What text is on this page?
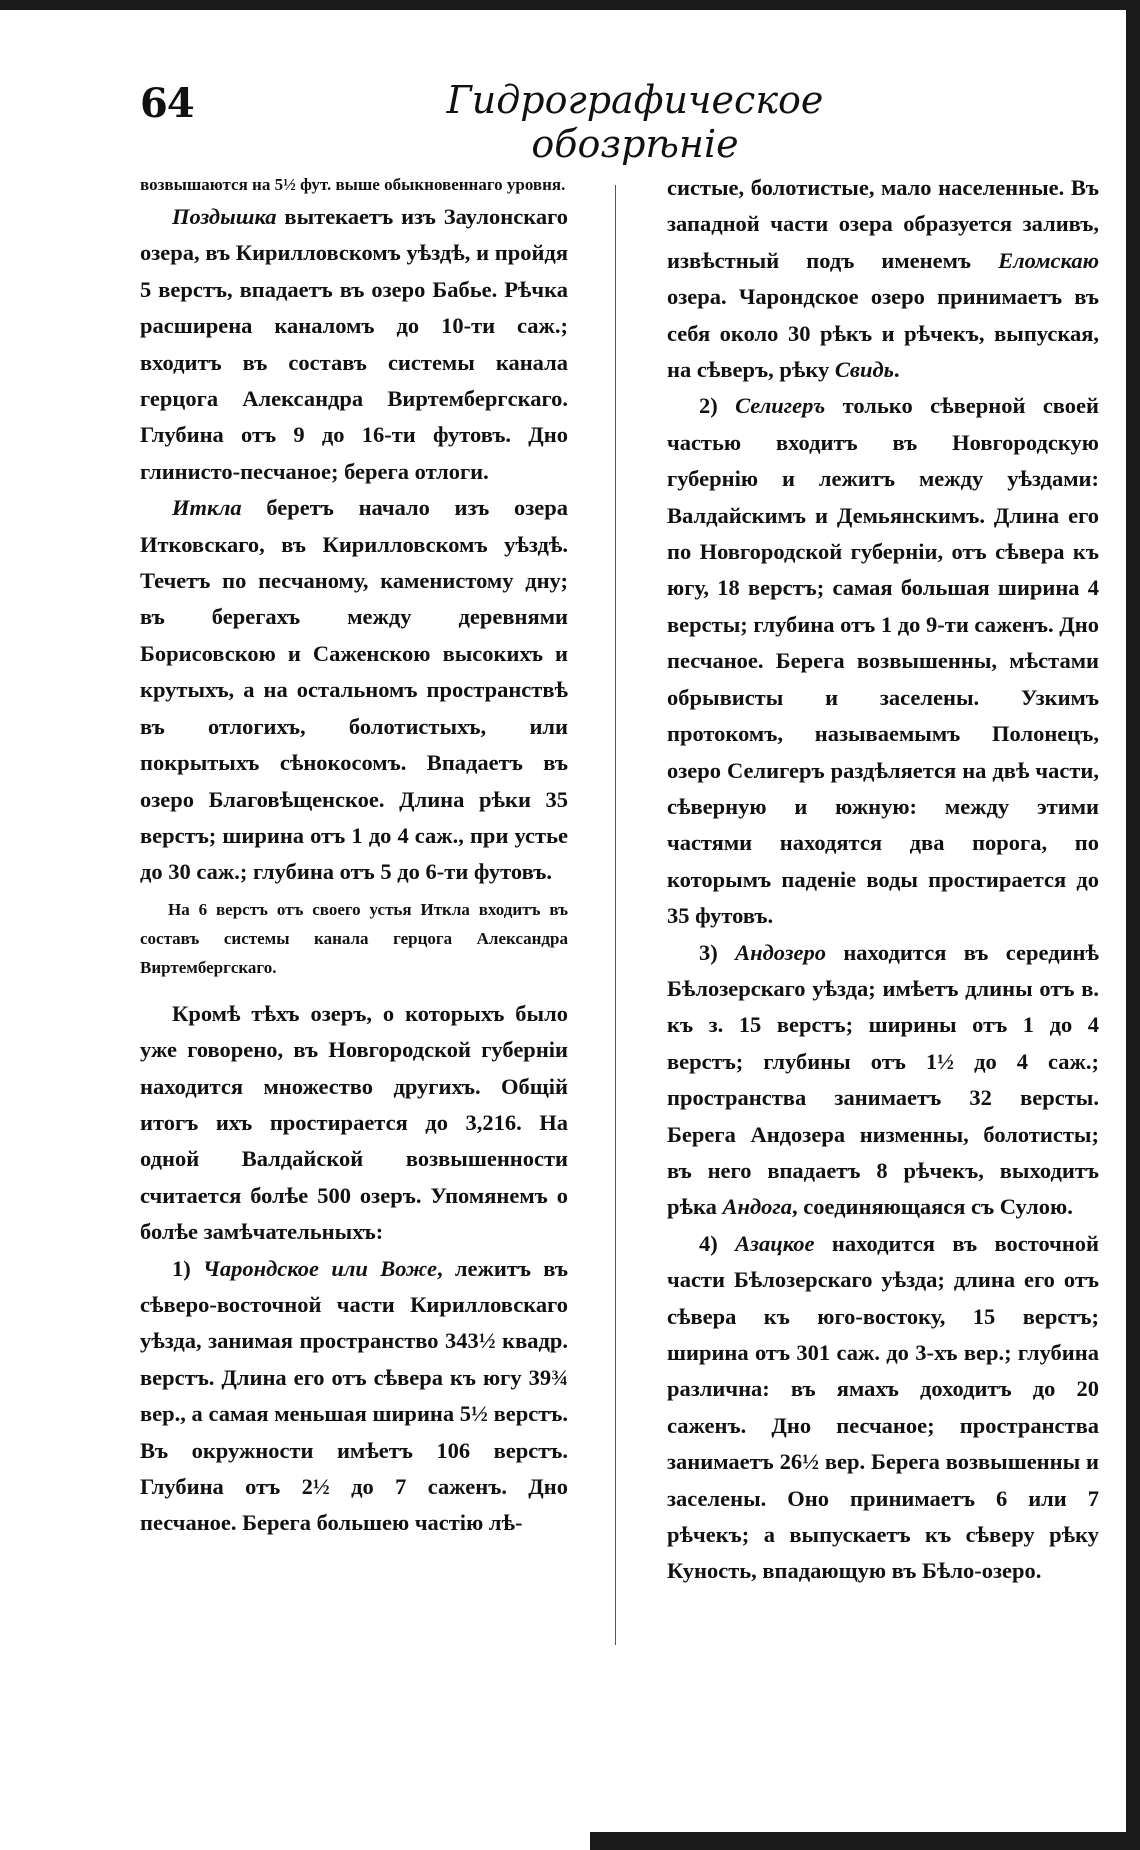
64	Гидрографическое обозрѣніе

возвышаются на 5½ фут. выше обыкновеннаго уровня.

Поздышка вытекаетъ изъ Заулонскаго озера, въ Кирилловскомъ уѣздѣ, и пройдя 5 верстъ, впадаетъ въ озеро Бабье. Рѣчка расширена каналомъ до 10-ти саж.; входитъ въ составъ системы канала герцога Александра Виртембергскаго. Глубина отъ 9 до 16-ти футовъ. Дно глинисто-песчаное; берега отлоги.

Иткла беретъ начало изъ озера Итковскаго, въ Кирилловскомъ уѣздѣ. Течетъ по песчаному, каменистому дну; въ берегахъ между деревнями Борисовскою и Саженскою высокихъ и крутыхъ, а на остальномъ пространствѣ въ отлогихъ, болотистыхъ, или покрытыхъ сѣнокосомъ. Впадаетъ въ озеро Благовѣщенское. Длина рѣки 35 верстъ; ширина отъ 1 до 4 саж., при устье до 30 саж.; глубина отъ 5 до 6-ти футовъ.

На 6 верстъ отъ своего устья Иткла входитъ въ составъ системы канала герцога Александра Виртембергскаго.

Кромѣ тѣхъ озеръ, о которыхъ было уже говорено, въ Новгородской губерніи находится множество другихъ. Общій итогъ ихъ простирается до 3,216. На одной Валдайской возвышенности считается болѣе 500 озеръ. Упомянемъ о болѣе замѣчательныхъ:

1) Чарондское или Воже, лежитъ въ сѣверо-восточной части Кирилловскаго уѣзда, занимая пространство 343½ квадр. верстъ. Длина его отъ сѣвера къ югу 39¾ вер., а самая меньшая ширина 5½ верстъ. Въ окружности имѣетъ 106 верстъ. Глубина отъ 2½ до 7 саженъ. Дно песчаное. Берега большею частію лѣ-

систые, болотистые, мало населенные. Въ западной части озера образуется заливъ, извѣстный подъ именемъ Еломскаю озера. Чарондское озеро принимаетъ въ себя около 30 рѣкъ и рѣчекъ, выпуская, на сѣверъ, рѣку Свидь.

2) Селигеръ только сѣверной своей частью входитъ въ Новгородскую губернію и лежитъ между уѣздами: Валдайскимъ и Демьянскимъ. Длина его по Новгородской губерніи, отъ сѣвера къ югу, 18 верстъ; самая большая ширина 4 версты; глубина отъ 1 до 9-ти саженъ. Дно песчаное. Берега возвышенны, мѣстами обрывисты и заселены. Узкимъ протокомъ, называемымъ Полонецъ, озеро Селигеръ раздѣляется на двѣ части, сѣверную и южную: между этими частями находятся два порога, по которымъ паденіе воды простирается до 35 футовъ.

3) Андозеро находится въ серединѣ Бѣлозерскаго уѣзда; имѣетъ длины отъ в. къ з. 15 верстъ; ширины отъ 1 до 4 верстъ; глубины отъ 1½ до 4 саж.; пространства занимаетъ 32 версты. Берега Андозера низменны, болотисты; въ него впадаетъ 8 рѣчекъ, выходитъ рѣка Андога, соединяющаяся съ Сулою.

4) Азацкое находится въ восточной части Бѣлозерскаго уѣзда; длина его отъ сѣвера къ юго-востоку, 15 верстъ; ширина отъ 301 саж. до 3-хъ вер.; глубина различна: въ ямахъ доходитъ до 20 саженъ. Дно песчаное; пространства занимаетъ 26½ вер. Берега возвышенны и заселены. Оно принимаетъ 6 или 7 рѣчекъ; а выпускаетъ къ сѣверу рѣку Куность, впадающую въ Бѣло-озеро.
